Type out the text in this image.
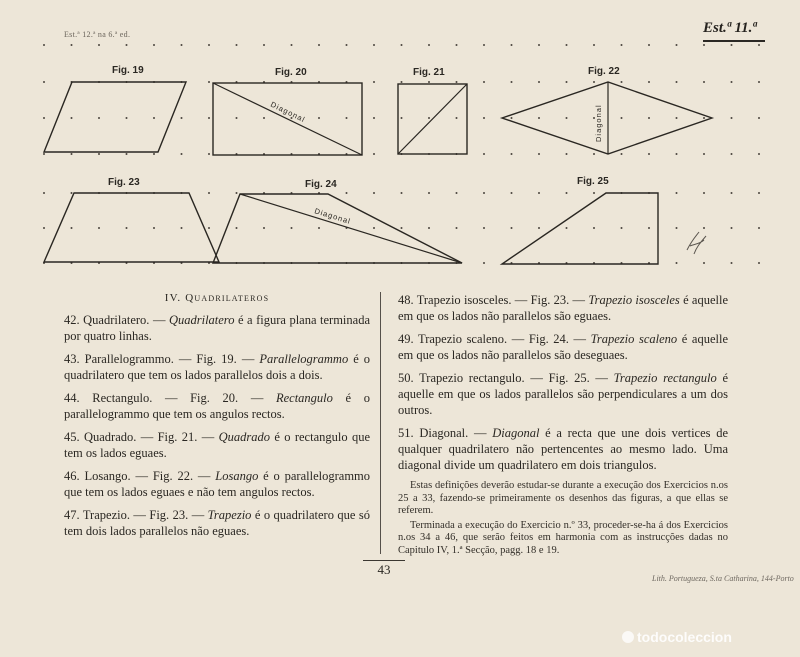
Est.ª 12.ª na 6.ª ed.	Est.ª 11.ª
Fig. 19	Fig. 20
Diagonal
Fig. 21	Fig. 22
Diagonal
Fig. 23	Fig. 24
Diagonal
Fig. 25
IV. Quadrilateros

42. Quadrilatero. — Quadrilatero é a figura plana terminada por quatro linhas.

43. Parallelogrammo. — Fig. 19. — Parallelogrammo é o quadrilatero que tem os lados parallelos dois a dois.

44. Rectangulo. — Fig. 20. — Rectangulo é o parallelogrammo que tem os angulos rectos.

45. Quadrado. — Fig. 21. — Quadrado é o rectangulo que tem os lados eguaes.

46. Losango. — Fig. 22. — Losango é o parallelogrammo que tem os lados eguaes e não tem angulos rectos.

47. Trapezio. — Fig. 23. — Trapezio é o quadrilatero que só tem dois lados parallelos não eguaes.

48. Trapezio isosceles. — Fig. 23. — Trapezio isosceles é aquelle em que os lados não parallelos são eguaes.

49. Trapezio scaleno. — Fig. 24. — Trapezio scaleno é aquelle em que os lados não parallelos são deseguaes.

50. Trapezio rectangulo. — Fig. 25. — Trapezio rectangulo é aquelle em que os lados parallelos são perpendiculares a um dos outros.

51. Diagonal. — Diagonal é a recta que une dois vertices de qualquer quadrilatero não pertencentes ao mesmo lado. Uma diagonal divide um quadrilatero em dois triangulos.

Estas definições deverão estudar-se durante a execução dos Exercicios n.os 25 a 33, fazendo-se primeiramente os desenhos das figuras, a que ellas se referem.
Terminada a execução do Exercicio n.º 33, proceder-se-ha á dos Exercicios n.os 34 a 46, que serão feitos em harmonia com as instrucções dadas no Capitulo IV, 1.ª Secção, pagg. 18 e 19.
43
Lith. Portugueza, S.ta Catharina, 144-Porto
todocoleccion
